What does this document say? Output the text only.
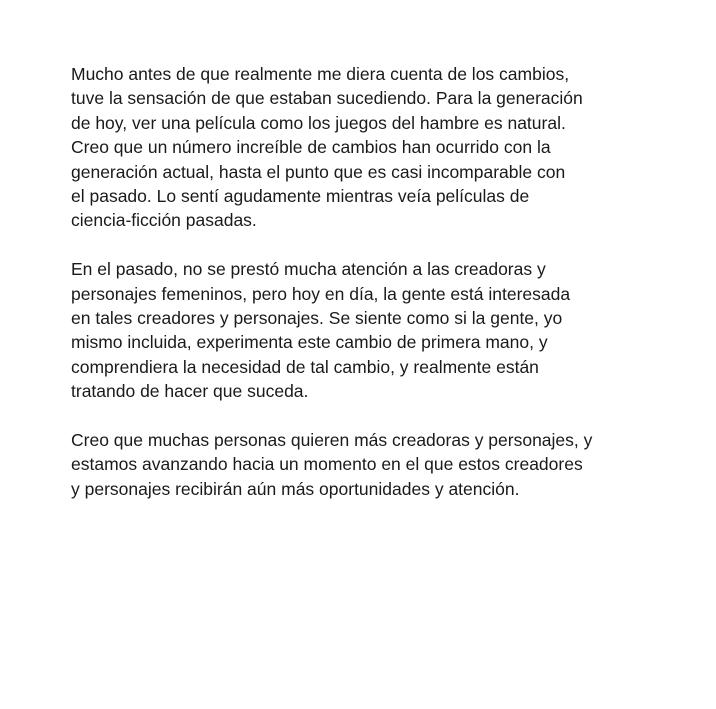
Mucho antes de que realmente me diera cuenta de los cambios,
tuve la sensación de que estaban sucediendo. Para la generación
de hoy, ver una película como los juegos del hambre es natural.
Creo que un número increíble de cambios han ocurrido con la
generación actual, hasta el punto que es casi incomparable con
el pasado. Lo sentí agudamente mientras veía películas de
ciencia-ficción pasadas.

En el pasado, no se prestó mucha atención a las creadoras y
personajes femeninos, pero hoy en día, la gente está interesada
en tales creadores y personajes. Se siente como si la gente, yo
mismo incluida, experimenta este cambio de primera mano, y
comprendiera la necesidad de tal cambio, y realmente están
tratando de hacer que suceda.

Creo que muchas personas quieren más creadoras y personajes, y
estamos avanzando hacia un momento en el que estos creadores
y personajes recibirán aún más oportunidades y atención.
